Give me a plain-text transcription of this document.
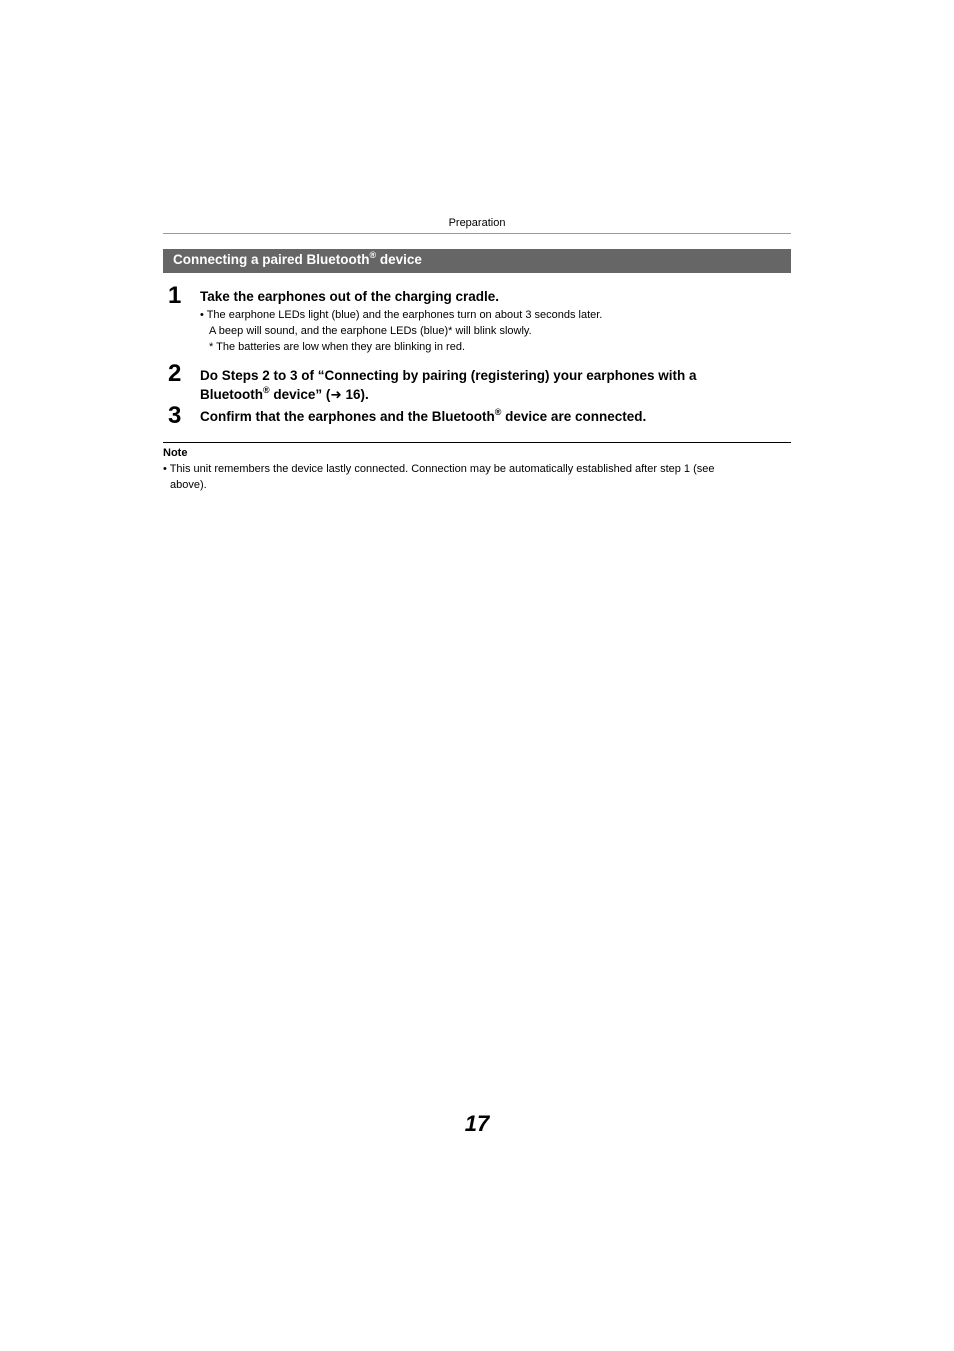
Preparation
Connecting a paired Bluetooth® device
1 Take the earphones out of the charging cradle.
• The earphone LEDs light (blue) and the earphones turn on about 3 seconds later.
A beep will sound, and the earphone LEDs (blue)* will blink slowly.
* The batteries are low when they are blinking in red.
2 Do Steps 2 to 3 of “Connecting by pairing (registering) your earphones with a
Bluetooth® device” (➜ 16).
3 Confirm that the earphones and the Bluetooth® device are connected.
Note
• This unit remembers the device lastly connected. Connection may be automatically established after step 1 (see
above).
17
